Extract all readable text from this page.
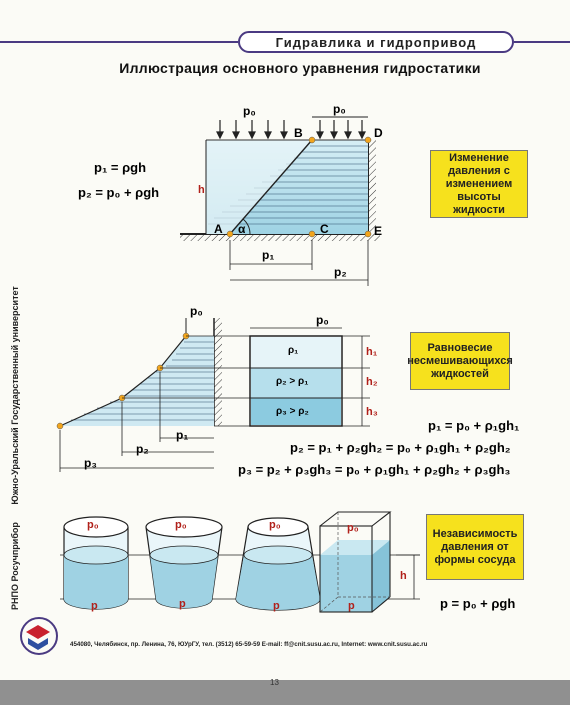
Гидравлика и гидропривод
Иллюстрация основного уравнения гидростатики
РНПО Росучприбор       Южно-Уральский Государственный университет
p₁ = ρgh
p₂ = p₀ + ρgh
p₀	p₀
B	D
A α	C	E
h
p₁
p₂
Изменение давления с изменением высоты жидкости
p₀
p₀
ρ₁
ρ₂ > ρ₁
ρ₃ > ρ₂
h₁
h₂
h₃
p₁
p₂
p₃
Равновесие несмешивающихся жидкостей
p₁ = p₀ + ρ₁gh₁
p₂ = p₁ + ρ₂gh₂ = p₀ + ρ₁gh₁ + ρ₂gh₂
p₃ = p₂ + ρ₃gh₃ = p₀ + ρ₁gh₁ + ρ₂gh₂ + ρ₃gh₃
p₀
p
p₀
p
p₀
p
p₀
p
h
Независимость давления от формы сосуда
p = p₀ + ρgh
454080, Челябинск, пр. Ленина, 76, ЮУрГУ, тел. (3512) 65-59-59 E-mail: ff@cnit.susu.ac.ru, Internet: www.cnit.susu.ac.ru
13
